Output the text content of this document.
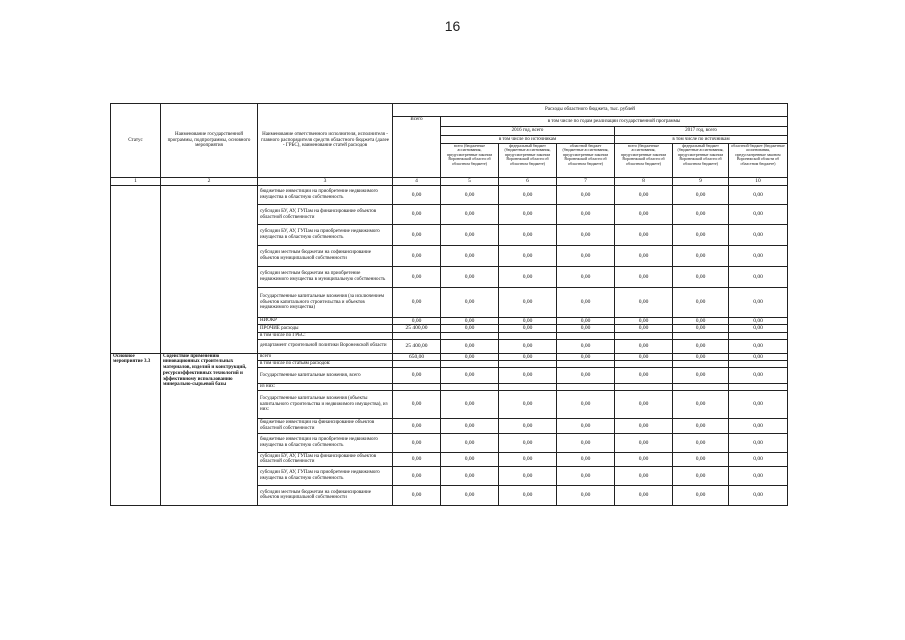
16
Статус	Наименование государственной программы, подпрограммы, основного мероприятия	Наименование ответственного исполнителя, исполнителя - главного распорядителя средств областного бюджета (далее - ГРБС), наименование статей расходов	Расходы областного бюджета, тыс. рублей						
			Всего	в том числе по годам реализации государственной программы					
				2016 год, всего			2017 год, всего		
				в том числе по источникам			в том числе по источникам		
				всего (бюджетные ассигнования, предусмотренные законом Воронежской области об областном бюджете)	федеральный бюджет (бюджетные ассигнования, предусмотренные законом Воронежской области об областном бюджете)	областной бюджет (бюджетные ассигнования, предусмотренные законом Воронежской области об областном бюджете)	всего (бюджетные ассигнования, предусмотренные законом Воронежской области об областном бюджете)	федеральный бюджет (бюджетные ассигнования, предусмотренные законом Воронежской области об областном бюджете)	областной бюджет (бюджетные ассигнования, предусмотренные законом Воронежской области об областном бюджете)
1	2	3	4	5	6	7	8	9	10
		бюджетные инвестиции на приобретение недвижимого имущества в областную собственность	0,00	0,00	0,00	0,00	0,00	0,00	0,00
		субсидии БУ, АУ, ГУПам на финансирование объектов областной собственности	0,00	0,00	0,00	0,00	0,00	0,00	0,00
		субсидии БУ, АУ, ГУПам на приобретение недвижимого имущества в областную собственность	0,00	0,00	0,00	0,00	0,00	0,00	0,00
		субсидии местным бюджетам на софинансирование объектов муниципальной собственности	0,00	0,00	0,00	0,00	0,00	0,00	0,00
		субсидии местным бюджетам на приобретение недвижимого имущества в муниципальную собственность	0,00	0,00	0,00	0,00	0,00	0,00	0,00
		Государственные капитальные вложения (за исключением объектов капитального строительства и объектов недвижимого имущества)	0,00	0,00	0,00	0,00	0,00	0,00	0,00
		НИОКР	0,00	0,00	0,00	0,00	0,00	0,00	0,00
		ПРОЧИЕ расходы	25 400,00	0,00	0,00	0,00	0,00	0,00	0,00
		в том числе по ГРБС:							
		департамент строительной политики Воронежской области	25 400,00	0,00	0,00	0,00	0,00	0,00	0,00
Основное мероприятие 3.3	Содействие применению инновационных строительных материалов, изделий и конструкций, ресурсоэффективных технологий и эффективному использованию минерально-сырьевой базы	всего	650,00	0,00	0,00	0,00	0,00	0,00	0,00
		в том числе по статьям расходов:							
		Государственные капитальные вложения, всего	0,00	0,00	0,00	0,00	0,00	0,00	0,00
		из них:							
		Государственные капитальные вложения (объекты капитального строительства и недвижимого имущества), из них:	0,00	0,00	0,00	0,00	0,00	0,00	0,00
		бюджетные инвестиции на финансирование объектов областной собственности	0,00	0,00	0,00	0,00	0,00	0,00	0,00
		бюджетные инвестиции на приобретение недвижимого имущества в областную собственность	0,00	0,00	0,00	0,00	0,00	0,00	0,00
		субсидии БУ, АУ, ГУПам на финансирование объектов областной собственности	0,00	0,00	0,00	0,00	0,00	0,00	0,00
		субсидии БУ, АУ, ГУПам на приобретение недвижимого имущества в областную собственность	0,00	0,00	0,00	0,00	0,00	0,00	0,00
		субсидии местным бюджетам на софинансирование объектов муниципальной собственности	0,00	0,00	0,00	0,00	0,00	0,00	0,00
